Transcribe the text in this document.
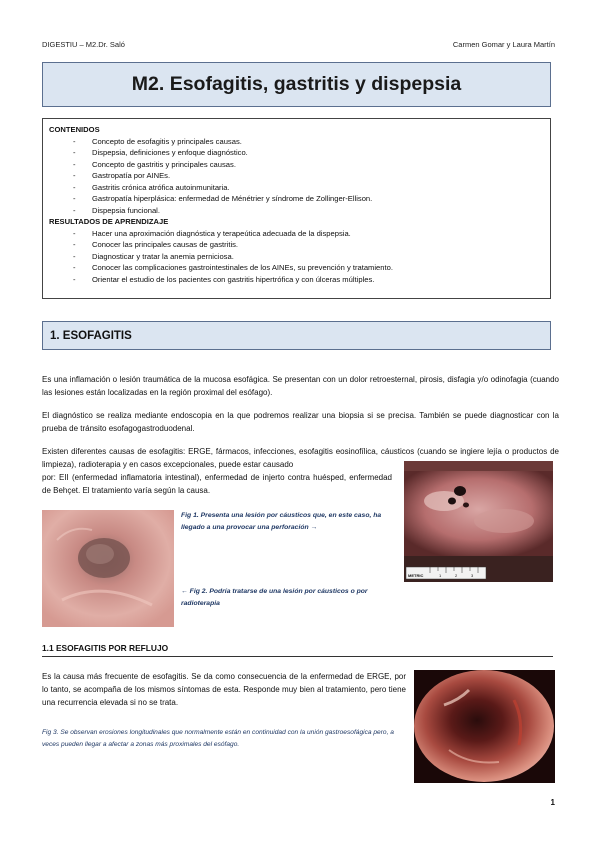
DIGESTIU – M2.Dr. Saló	Carmen Gomar y Laura Martín
M2. Esofagitis, gastritis y dispepsia
CONTENIDOS
- Concepto de esofagitis y principales causas.
- Dispepsia, definiciones y enfoque diagnóstico.
- Concepto de gastritis y principales causas.
- Gastropatía por AINEs.
- Gastritis crónica atrófica autoinmunitaria.
- Gastropatía hiperplásica: enfermedad de Ménétrier y síndrome de Zollinger-Ellison.
- Dispepsia funcional.
RESULTADOS DE APRENDIZAJE
- Hacer una aproximación diagnóstica y terapeútica adecuada de la dispepsia.
- Conocer las principales causas de gastritis.
- Diagnosticar y tratar la anemia perniciosa.
- Conocer las complicaciones gastrointestinales de los AINEs, su prevención y tratamiento.
- Orientar el estudio de los pacientes con gastritis hipertrófica y con úlceras múltiples.
1. ESOFAGITIS

Es una inflamación o lesión traumática de la mucosa esofágica. Se presentan con un dolor retroesternal, pirosis, disfagia y/o odinofagia (cuando las lesiones están localizadas en la región proximal del esófago).

El diagnóstico se realiza mediante endoscopia en la que podremos realizar una biopsia si se precisa. También se puede diagnosticar con la prueba de tránsito esofagogastroduodenal.

Existen diferentes causas de esofagitis: ERGE, fármacos, infecciones, esofagitis eosinofílica, cáusticos (cuando se ingiere lejía o productos de limpieza), radioterapia y en casos excepcionales, puede estar causado
por: EII (enfermedad inflamatoria intestinal), enfermedad de injerto contra huésped, enfermedad de Behçet. El tratamiento varía según la causa.
METRIC	1	2	3

Fig 1. Presenta una lesión por cáusticos que, en este caso, ha llegado a una provocar una perforación →

← Fig 2. Podría tratarse de una lesión por cáusticos o por radioterapia

1.1 ESOFAGITIS POR REFLUJO

Es la causa más frecuente de esofagitis. Se da como consecuencia de la enfermedad de ERGE, por lo tanto, se acompaña de los mismos síntomas de esta. Responde muy bien al tratamiento, pero tiene una recurrencia elevada si no se trata.

Fig 3. Se observan erosiones longitudinales que normalmente están en continuidad con la unión gastroesofágica pero, a veces pueden llegar a afectar a zonas más proximales del esófago.

1
